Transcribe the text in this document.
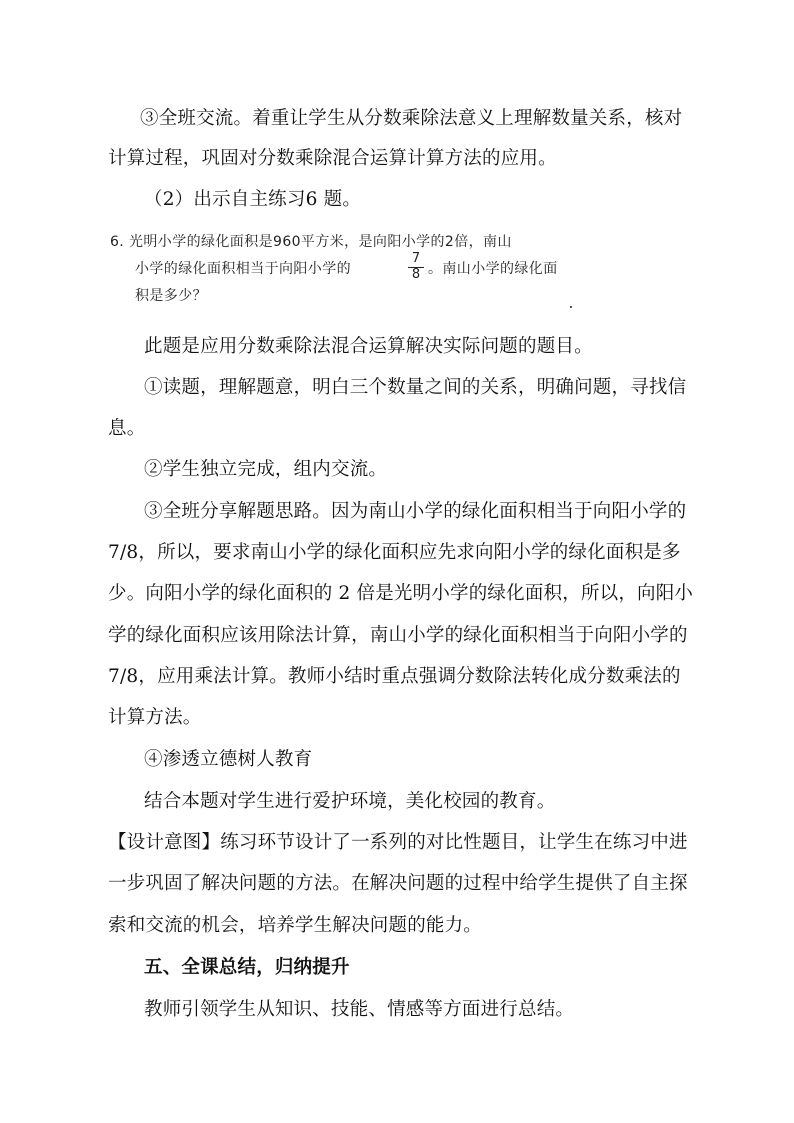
③全班交流。着重让学生从分数乘除法意义上理解数量关系，核对
计算过程，巩固对分数乘除混合运算计算方法的应用。
（2）出示自主练习6 题。
6. 光明小学的绿化面积是960平方米，是向阳小学的2倍，南山
小学的绿化面积相当于向阳小学的
7
8 。南山小学的绿化面
积是多少？
此题是应用分数乘除法混合运算解决实际问题的题目。
①读题，理解题意，明白三个数量之间的关系，明确问题，寻找信
息。
②学生独立完成，组内交流。
③全班分享解题思路。因为南山小学的绿化面积相当于向阳小学的
7/8，所以，要求南山小学的绿化面积应先求向阳小学的绿化面积是多
少。向阳小学的绿化面积的 2 倍是光明小学的绿化面积，所以，向阳小
学的绿化面积应该用除法计算，南山小学的绿化面积相当于向阳小学的
7/8，应用乘法计算。教师小结时重点强调分数除法转化成分数乘法的
计算方法。
④渗透立德树人教育
结合本题对学生进行爱护环境，美化校园的教育。
【设计意图】练习环节设计了一系列的对比性题目，让学生在练习中进
一步巩固了解决问题的方法。在解决问题的过程中给学生提供了自主探
索和交流的机会，培养学生解决问题的能力。
五、全课总结，归纳提升
教师引领学生从知识、技能、情感等方面进行总结。
